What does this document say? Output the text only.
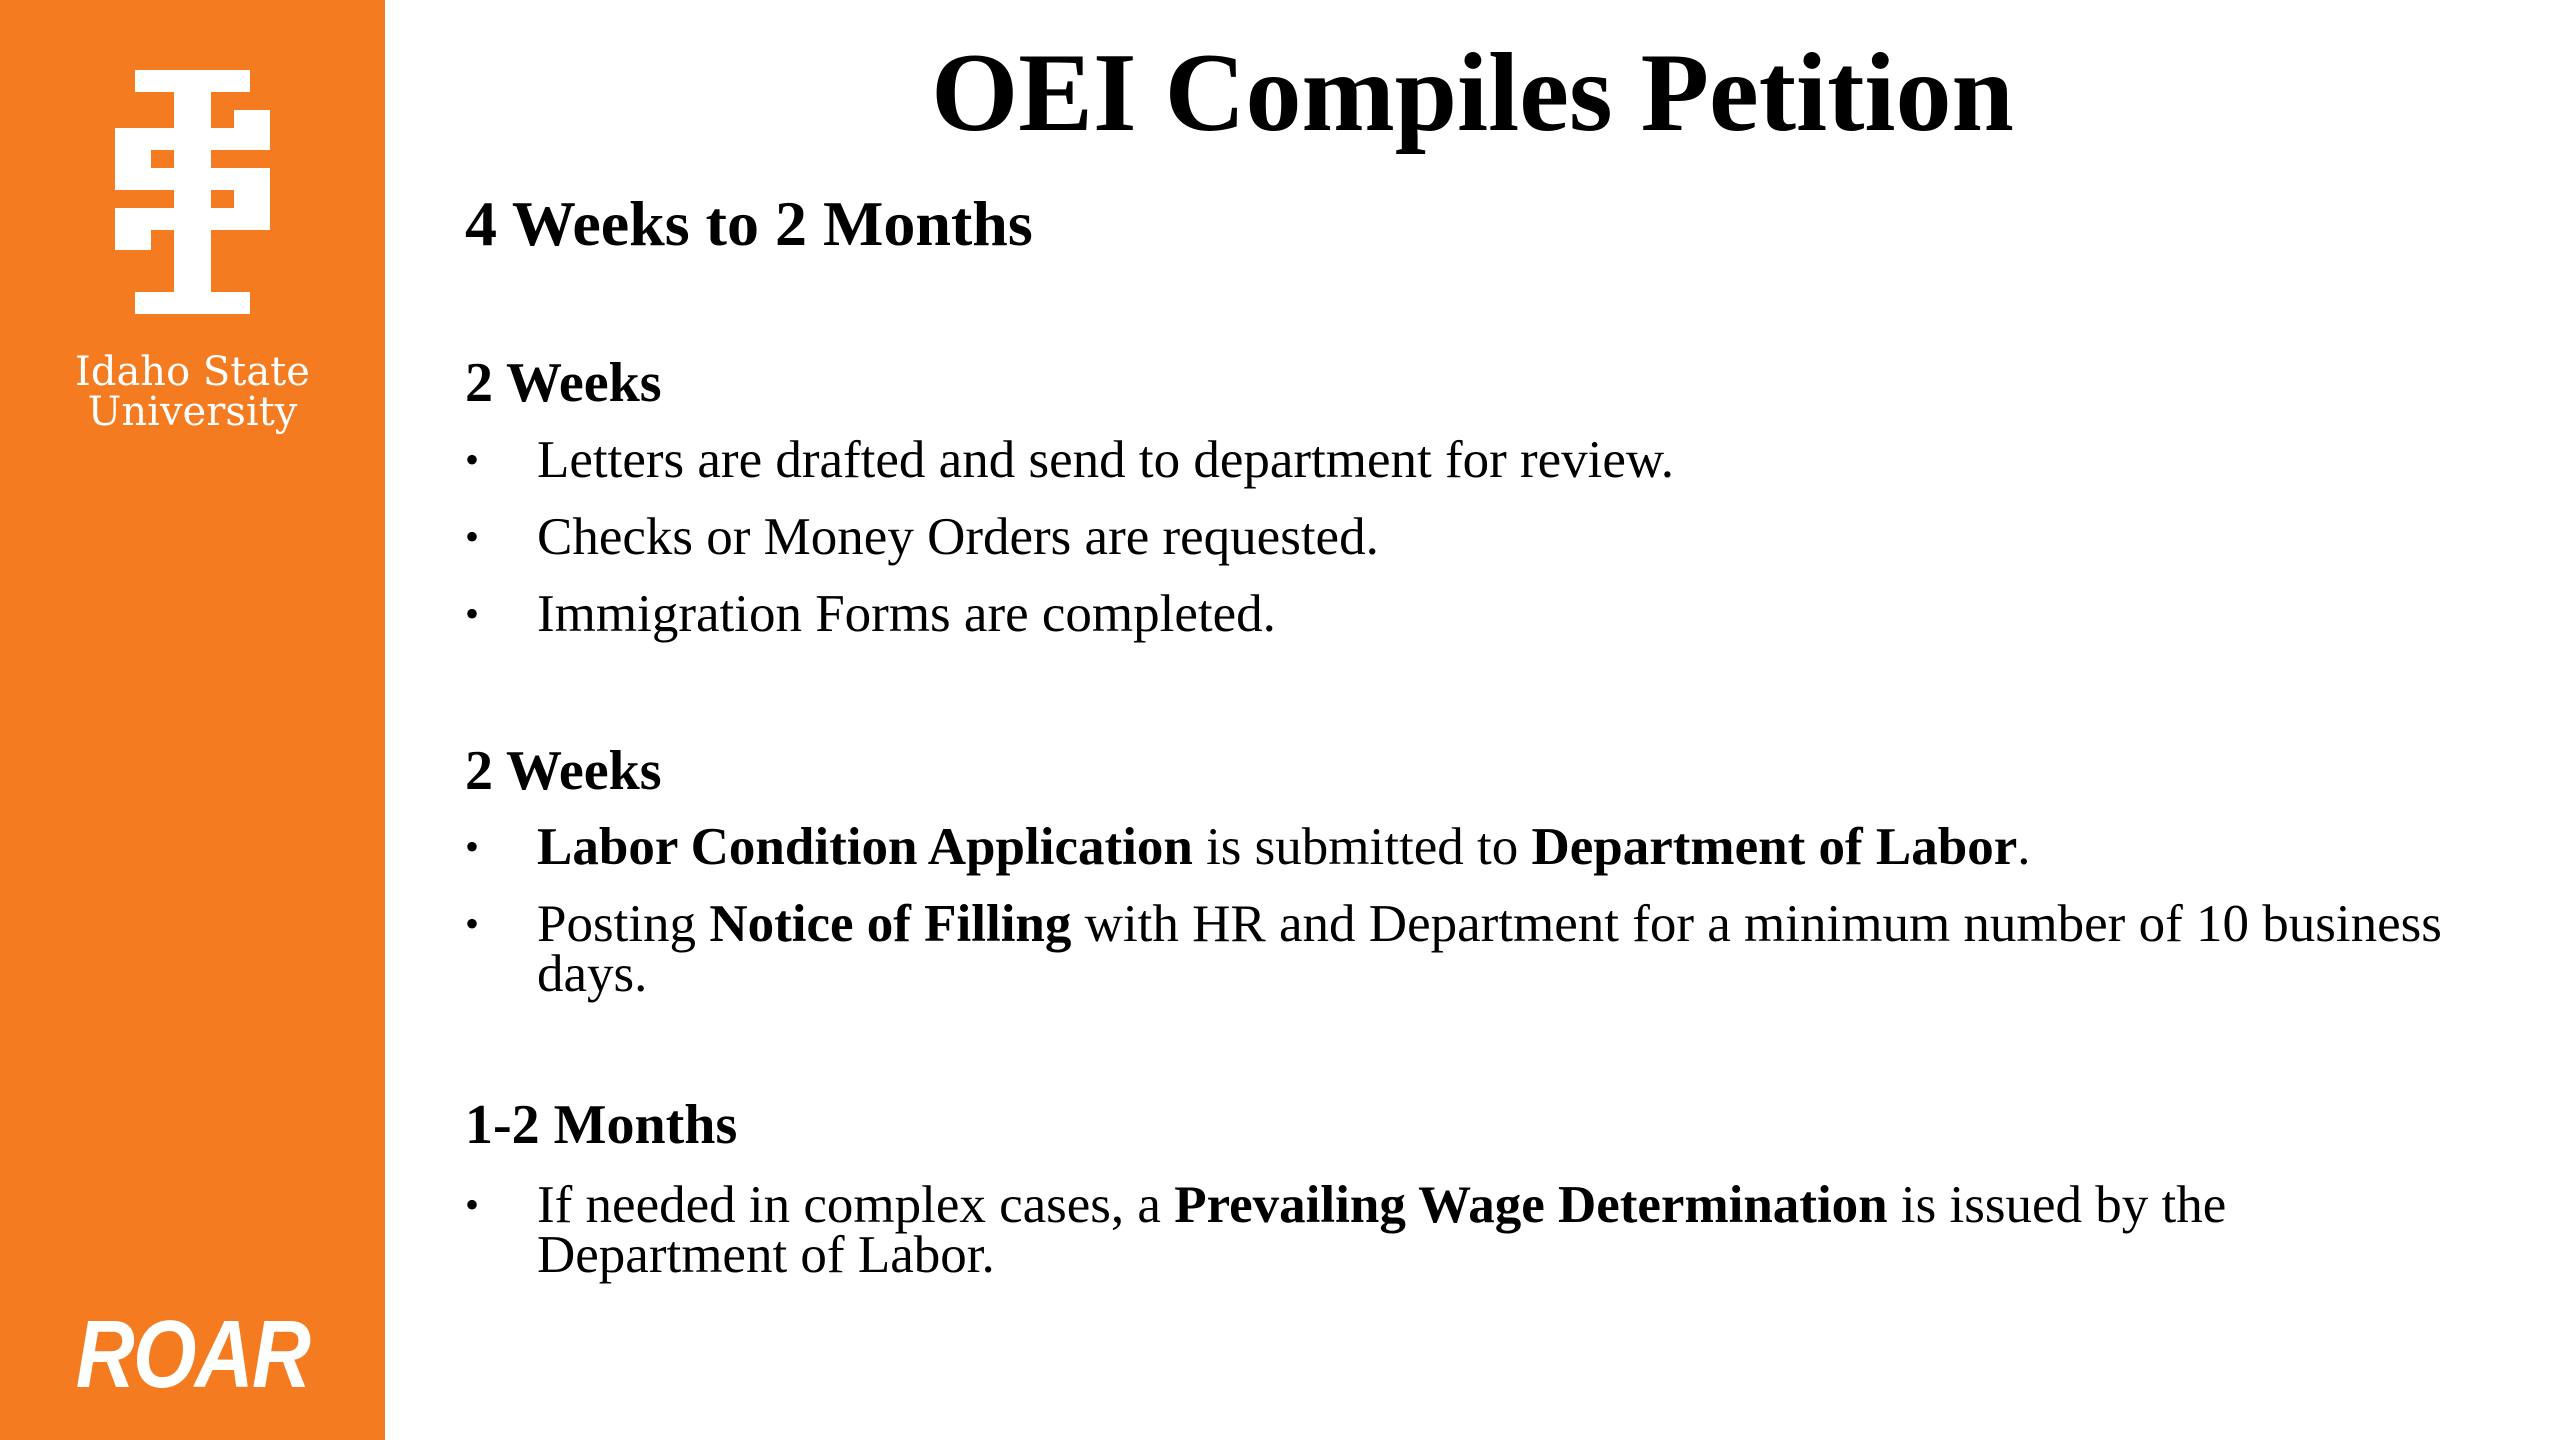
Idaho State
University
ROAR
OEI Compiles Petition
4 Weeks to 2 Months
2 Weeks
• Letters are drafted and send to department for review.
• Checks or Money Orders are requested.
• Immigration Forms are completed.
2 Weeks
• Labor Condition Application is submitted to Department of Labor.
• Posting Notice of Filling with HR and Department for a minimum number of 10 business days.
1-2 Months
• If needed in complex cases, a Prevailing Wage Determination is issued by the Department of Labor.
